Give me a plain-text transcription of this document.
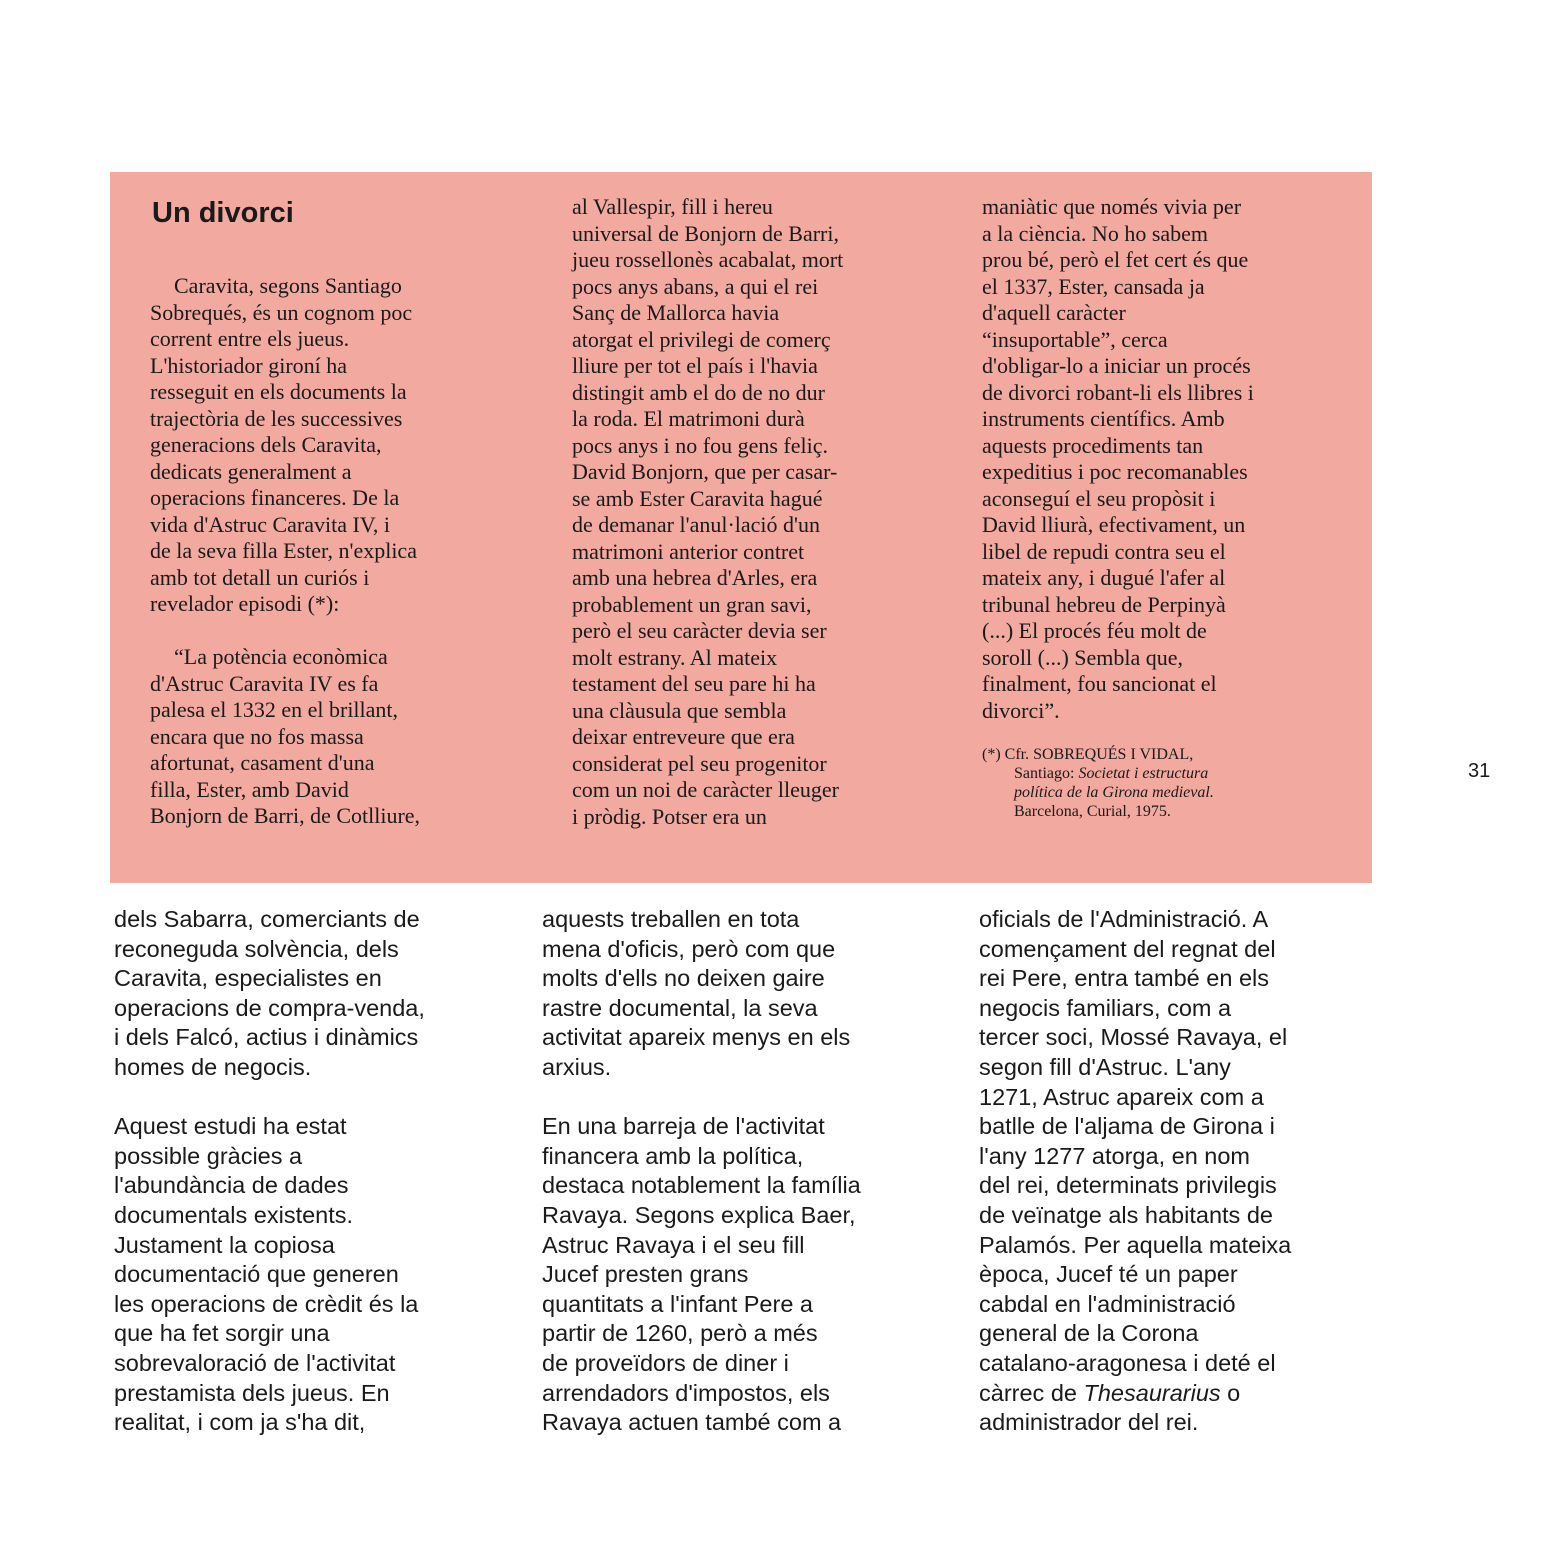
Un divorci

Caravita, segons Santiago
Sobrequés, és un cognom poc
corrent entre els jueus.
L'historiador gironí ha
resseguit en els documents la
trajectòria de les successives
generacions dels Caravita,
dedicats generalment a
operacions financeres. De la
vida d'Astruc Caravita IV, i
de la seva filla Ester, n'explica
amb tot detall un curiós i
revelador episodi (*):

“La potència econòmica
d'Astruc Caravita IV es fa
palesa el 1332 en el brillant,
encara que no fos massa
afortunat, casament d'una
filla, Ester, amb David
Bonjorn de Barri, de Cotlliure,

al Vallespir, fill i hereu
universal de Bonjorn de Barri,
jueu rossellonès acabalat, mort
pocs anys abans, a qui el rei
Sanç de Mallorca havia
atorgat el privilegi de comerç
lliure per tot el país i l'havia
distingit amb el do de no dur
la roda. El matrimoni durà
pocs anys i no fou gens feliç.
David Bonjorn, que per casar-
se amb Ester Caravita hagué
de demanar l'anul·lació d'un
matrimoni anterior contret
amb una hebrea d'Arles, era
probablement un gran savi,
però el seu caràcter devia ser
molt estrany. Al mateix
testament del seu pare hi ha
una clàusula que sembla
deixar entreveure que era
considerat pel seu progenitor
com un noi de caràcter lleuger
i pròdig. Potser era un

maniàtic que només vivia per
a la ciència. No ho sabem
prou bé, però el fet cert és que
el 1337, Ester, cansada ja
d'aquell caràcter
“insuportable”, cerca
d'obligar-lo a iniciar un procés
de divorci robant-li els llibres i
instruments científics. Amb
aquests procediments tan
expeditius i poc recomanables
aconseguí el seu propòsit i
David lliurà, efectivament, un
libel de repudi contra seu el
mateix any, i dugué l'afer al
tribunal hebreu de Perpinyà
(...) El procés féu molt de
soroll (...) Sembla que,
finalment, fou sancionat el
divorci”.

(*) Cfr. SOBREQUÉS I VIDAL,
Santiago: Societat i estructura
política de la Girona medieval.
Barcelona, Curial, 1975.
31

dels Sabarra, comerciants de
reconeguda solvència, dels
Caravita, especialistes en
operacions de compra-venda,
i dels Falcó, actius i dinàmics
homes de negocis.

Aquest estudi ha estat
possible gràcies a
l'abundància de dades
documentals existents.
Justament la copiosa
documentació que generen
les operacions de crèdit és la
que ha fet sorgir una
sobrevaloració de l'activitat
prestamista dels jueus. En
realitat, i com ja s'ha dit,

aquests treballen en tota
mena d'oficis, però com que
molts d'ells no deixen gaire
rastre documental, la seva
activitat apareix menys en els
arxius.

En una barreja de l'activitat
financera amb la política,
destaca notablement la família
Ravaya. Segons explica Baer,
Astruc Ravaya i el seu fill
Jucef presten grans
quantitats a l'infant Pere a
partir de 1260, però a més
de proveïdors de diner i
arrendadors d'impostos, els
Ravaya actuen també com a

oficials de l'Administració. A
començament del regnat del
rei Pere, entra també en els
negocis familiars, com a
tercer soci, Mossé Ravaya, el
segon fill d'Astruc. L'any
1271, Astruc apareix com a
batlle de l'aljama de Girona i
l'any 1277 atorga, en nom
del rei, determinats privilegis
de veïnatge als habitants de
Palamós. Per aquella mateixa
època, Jucef té un paper
cabdal en l'administració
general de la Corona
catalano-aragonesa i deté el
càrrec de Thesaurarius o
administrador del rei.
